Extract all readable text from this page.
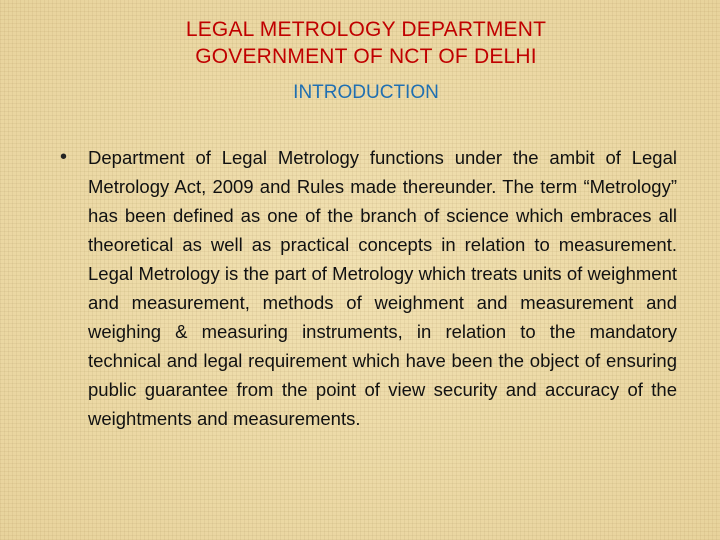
LEGAL METROLOGY DEPARTMENT
GOVERNMENT OF NCT OF DELHI
INTRODUCTION
• Department of Legal Metrology functions under the ambit of Legal Metrology Act, 2009 and Rules made thereunder. The term “Metrology” has been defined as one of the branch of science which embraces all theoretical as well as practical concepts in relation to measurement. Legal Metrology is the part of Metrology which treats units of weighment and measurement, methods of weighment and measurement and weighing & measuring instruments, in relation to the mandatory technical and legal requirement which have been the object of ensuring public guarantee from the point of view security and accuracy of the weightments and measurements.
